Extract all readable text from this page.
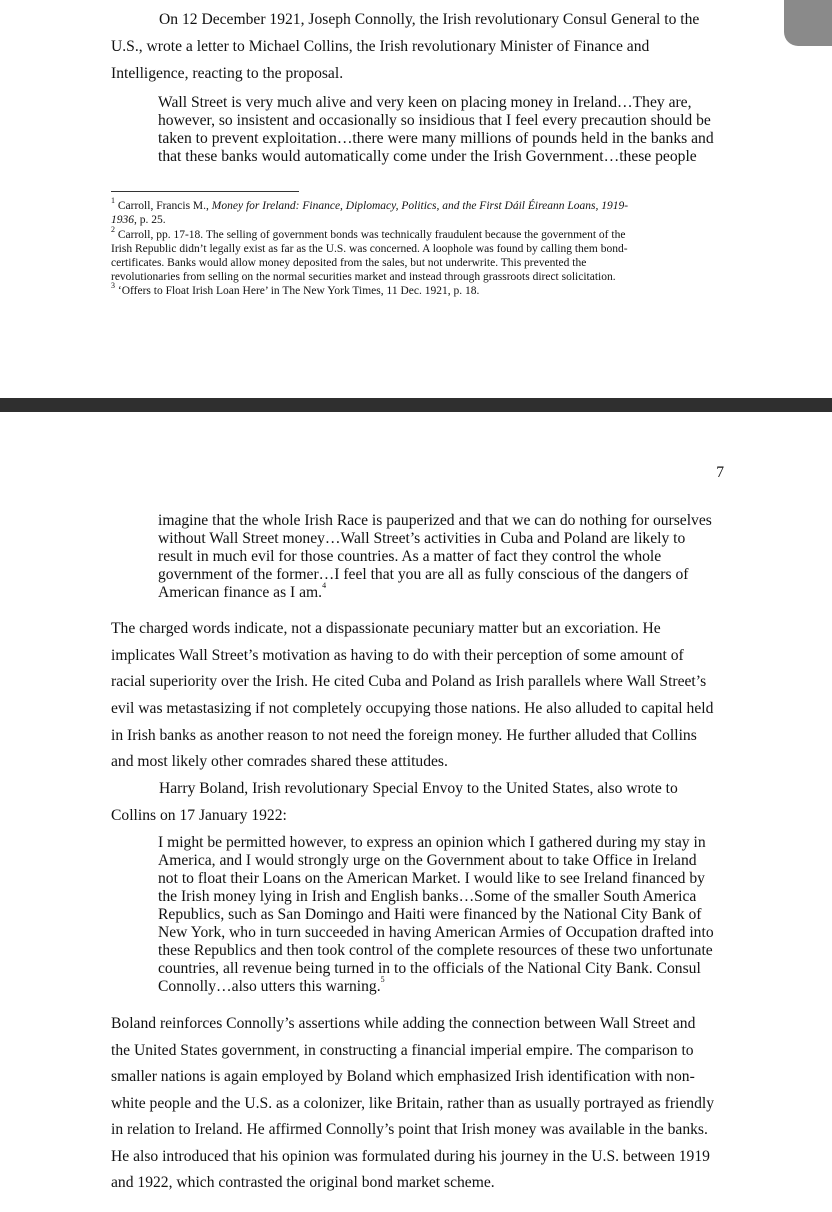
On 12 December 1921, Joseph Connolly, the Irish revolutionary Consul General to the
U.S., wrote a letter to Michael Collins, the Irish revolutionary Minister of Finance and
Intelligence, reacting to the proposal.
Wall Street is very much alive and very keen on placing money in Ireland…They are,
however, so insistent and occasionally so insidious that I feel every precaution should be
taken to prevent exploitation…there were many millions of pounds held in the banks and
that these banks would automatically come under the Irish Government…these people
$^1$ Carroll, Francis M., Money for Ireland: Finance, Diplomacy, Politics, and the First Dáil Éireann Loans, 1919-
1936, p. 25.
$^2$ Carroll, pp. 17-18. The selling of government bonds was technically fraudulent because the government of the
Irish Republic didn’t legally exist as far as the U.S. was concerned. A loophole was found by calling them bond-
certificates. Banks would allow money deposited from the sales, but not underwrite. This prevented the
revolutionaries from selling on the normal securities market and instead through grassroots direct solicitation.
$^3$ ‘Offers to Float Irish Loan Here’ in The New York Times, 11 Dec. 1921, p. 18.
7
imagine that the whole Irish Race is pauperized and that we can do nothing for ourselves
without Wall Street money…Wall Street’s activities in Cuba and Poland are likely to
result in much evil for those countries. As a matter of fact they control the whole
government of the former…I feel that you are all as fully conscious of the dangers of
American finance as I am.$^4$
The charged words indicate, not a dispassionate pecuniary matter but an excoriation. He
implicates Wall Street’s motivation as having to do with their perception of some amount of
racial superiority over the Irish. He cited Cuba and Poland as Irish parallels where Wall Street’s
evil was metastasizing if not completely occupying those nations. He also alluded to capital held
in Irish banks as another reason to not need the foreign money. He further alluded that Collins
and most likely other comrades shared these attitudes.
Harry Boland, Irish revolutionary Special Envoy to the United States, also wrote to
Collins on 17 January 1922:
I might be permitted however, to express an opinion which I gathered during my stay in
America, and I would strongly urge on the Government about to take Office in Ireland
not to float their Loans on the American Market. I would like to see Ireland financed by
the Irish money lying in Irish and English banks…Some of the smaller South America
Republics, such as San Domingo and Haiti were financed by the National City Bank of
New York, who in turn succeeded in having American Armies of Occupation drafted into
these Republics and then took control of the complete resources of these two unfortunate
countries, all revenue being turned in to the officials of the National City Bank. Consul
Connolly…also utters this warning.$^5$
Boland reinforces Connolly’s assertions while adding the connection between Wall Street and
the United States government, in constructing a financial imperial empire. The comparison to
smaller nations is again employed by Boland which emphasized Irish identification with non-
white people and the U.S. as a colonizer, like Britain, rather than as usually portrayed as friendly
in relation to Ireland. He affirmed Connolly’s point that Irish money was available in the banks.
He also introduced that his opinion was formulated during his journey in the U.S. between 1919
and 1922, which contrasted the original bond market scheme.
